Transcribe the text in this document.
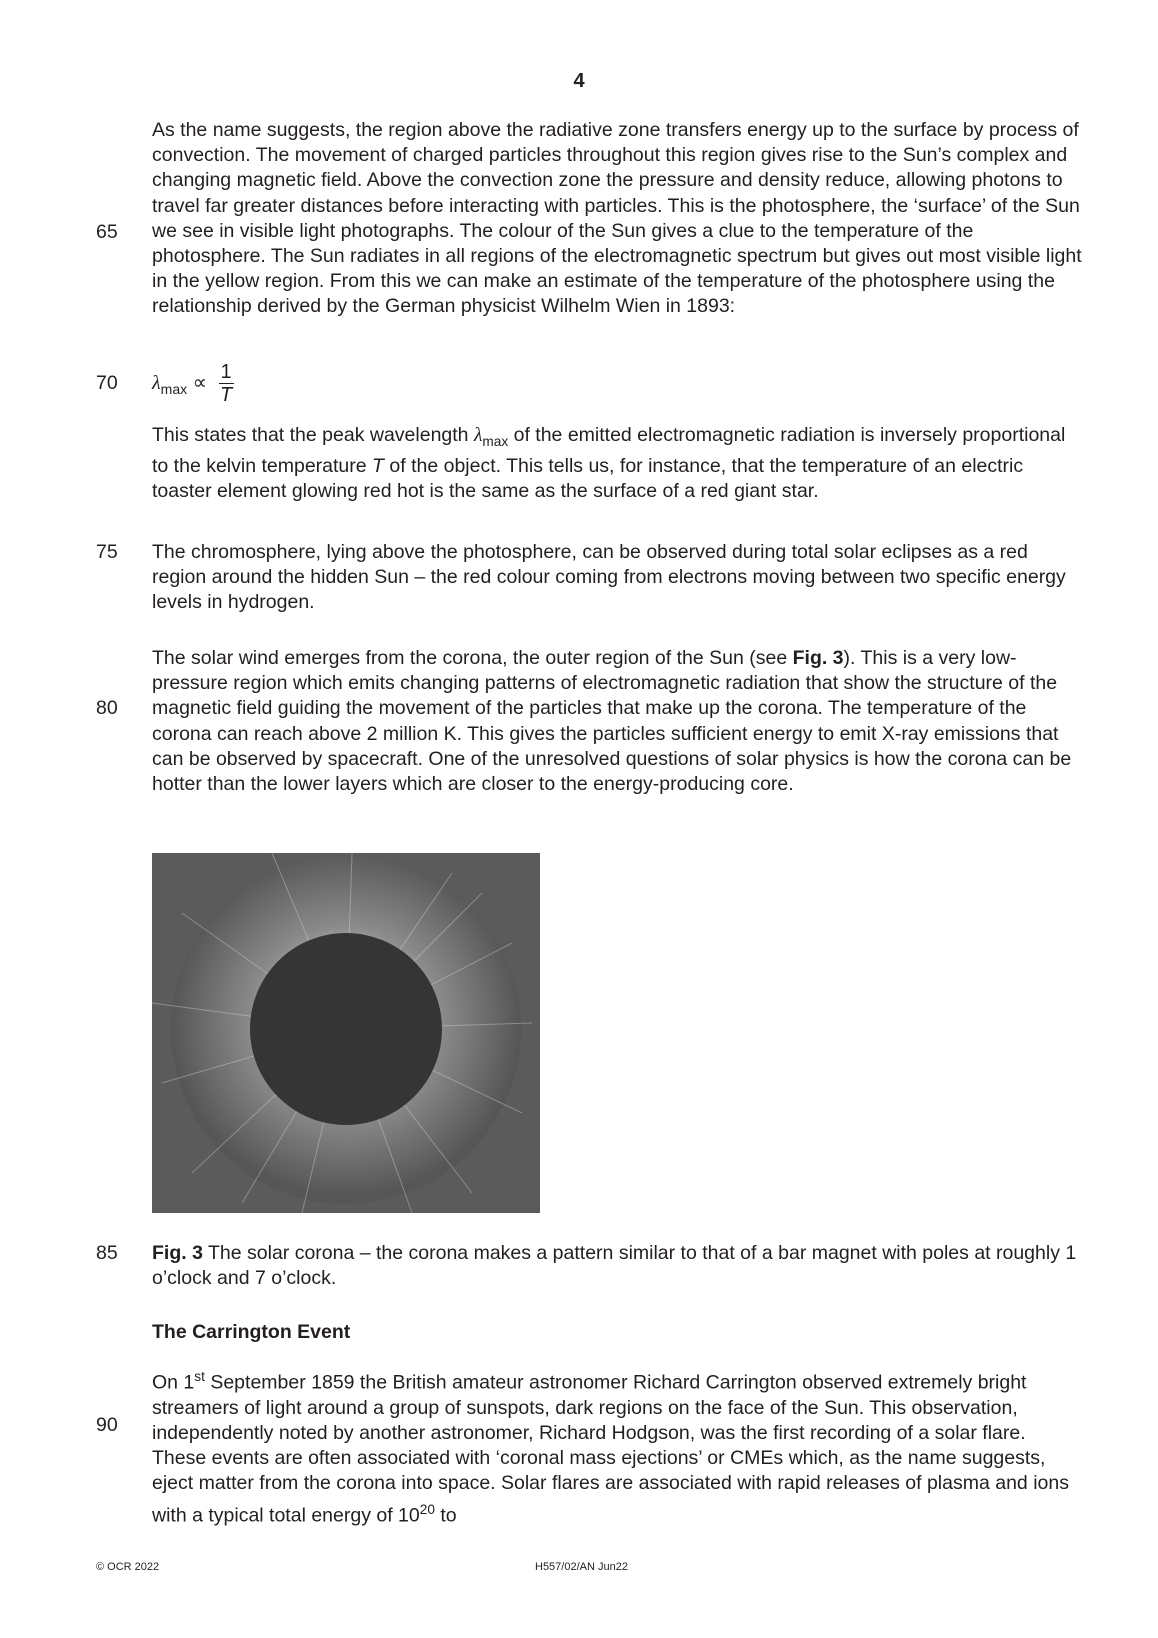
4
65
70
75
80
85
90
As the name suggests, the region above the radiative zone transfers energy up to the surface by process of convection. The movement of charged particles throughout this region gives rise to the Sun’s complex and changing magnetic field. Above the convection zone the pressure and density reduce, allowing photons to travel far greater distances before interacting with particles. This is the photosphere, the ‘surface’ of the Sun we see in visible light photographs. The colour of the Sun gives a clue to the temperature of the photosphere. The Sun radiates in all regions of the electromagnetic spectrum but gives out most visible light in the yellow region. From this we can make an estimate of the temperature of the photosphere using the relationship derived by the German physicist Wilhelm Wien in 1893:
$\lambda_{max} \propto \frac{1}{T}$
This states that the peak wavelength $\lambda_{max}$ of the emitted electromagnetic radiation is inversely proportional to the kelvin temperature T of the object. This tells us, for instance, that the temperature of an electric toaster element glowing red hot is the same as the surface of a red giant star.
The chromosphere, lying above the photosphere, can be observed during total solar eclipses as a red region around the hidden Sun – the red colour coming from electrons moving between two specific energy levels in hydrogen.
The solar wind emerges from the corona, the outer region of the Sun (see Fig. 3). This is a very low-pressure region which emits changing patterns of electromagnetic radiation that show the structure of the magnetic field guiding the movement of the particles that make up the corona. The temperature of the corona can reach above 2 million K. This gives the particles sufficient energy to emit X-ray emissions that can be observed by spacecraft. One of the unresolved questions of solar physics is how the corona can be hotter than the lower layers which are closer to the energy-producing core.
Fig. 3 The solar corona – the corona makes a pattern similar to that of a bar magnet with poles at roughly 1 o’clock and 7 o’clock.
The Carrington Event
On 1st September 1859 the British amateur astronomer Richard Carrington observed extremely bright streamers of light around a group of sunspots, dark regions on the face of the Sun. This observation, independently noted by another astronomer, Richard Hodgson, was the first recording of a solar flare. These events are often associated with ‘coronal mass ejections’ or CMEs which, as the name suggests, eject matter from the corona into space. Solar flares are associated with rapid releases of plasma and ions with a typical total energy of $10^{20}$ to
© OCR 2022	H557/02/AN Jun22
